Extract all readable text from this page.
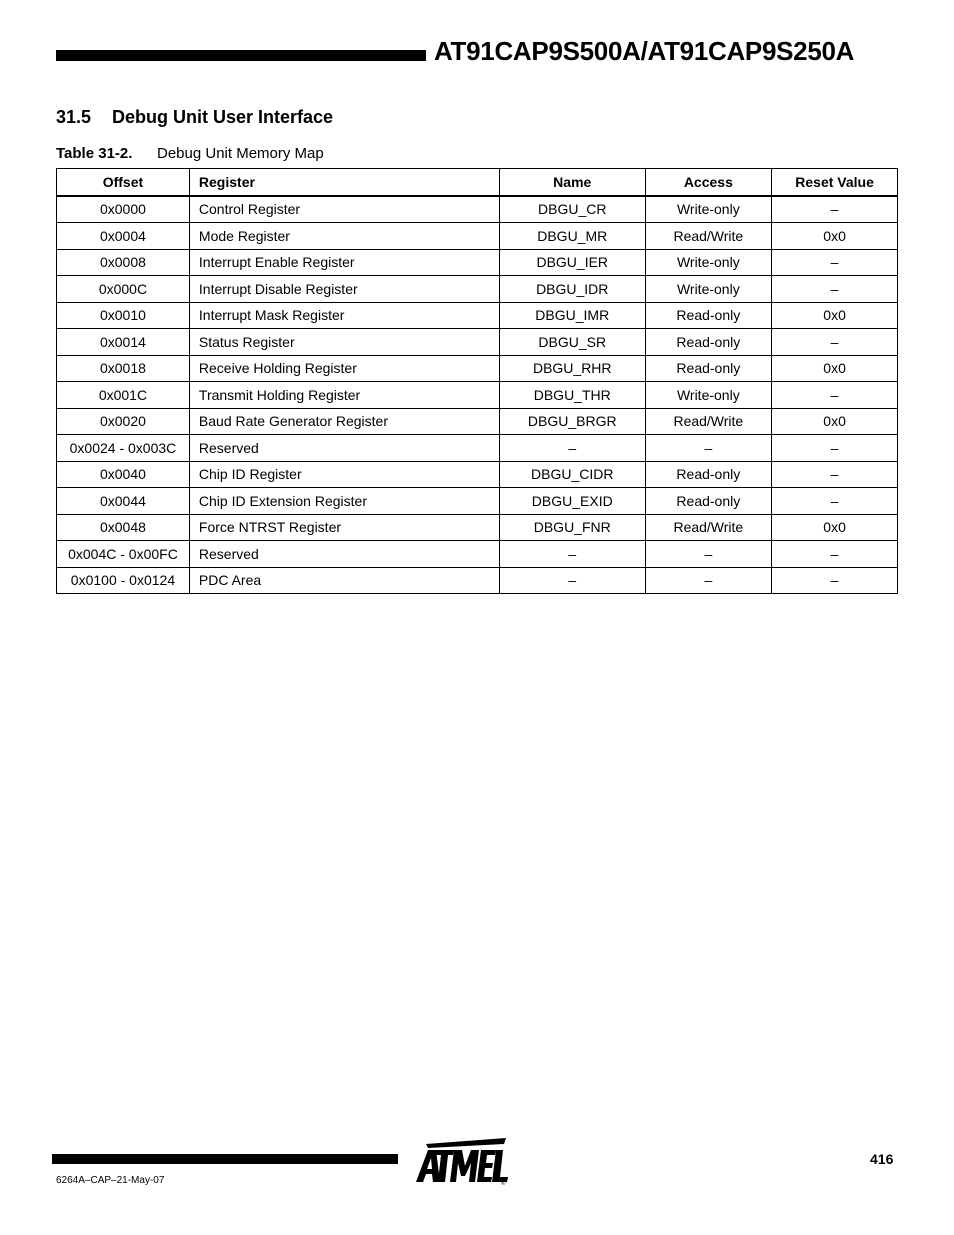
AT91CAP9S500A/AT91CAP9S250A
31.5 Debug Unit User Interface
Table 31-2. Debug Unit Memory Map
Offset	Register	Name	Access	Reset Value
0x0000	Control Register	DBGU_CR	Write-only	–
0x0004	Mode Register	DBGU_MR	Read/Write	0x0
0x0008	Interrupt Enable Register	DBGU_IER	Write-only	–
0x000C	Interrupt Disable Register	DBGU_IDR	Write-only	–
0x0010	Interrupt Mask Register	DBGU_IMR	Read-only	0x0
0x0014	Status Register	DBGU_SR	Read-only	–
0x0018	Receive Holding Register	DBGU_RHR	Read-only	0x0
0x001C	Transmit Holding Register	DBGU_THR	Write-only	–
0x0020	Baud Rate Generator Register	DBGU_BRGR	Read/Write	0x0
0x0024 - 0x003C	Reserved	–	–	–
0x0040	Chip ID Register	DBGU_CIDR	Read-only	–
0x0044	Chip ID Extension Register	DBGU_EXID	Read-only	–
0x0048	Force NTRST Register	DBGU_FNR	Read/Write	0x0
0x004C - 0x00FC	Reserved	–	–	–
0x0100 - 0x0124	PDC Area	–	–	–
®
416
6264A–CAP–21-May-07
